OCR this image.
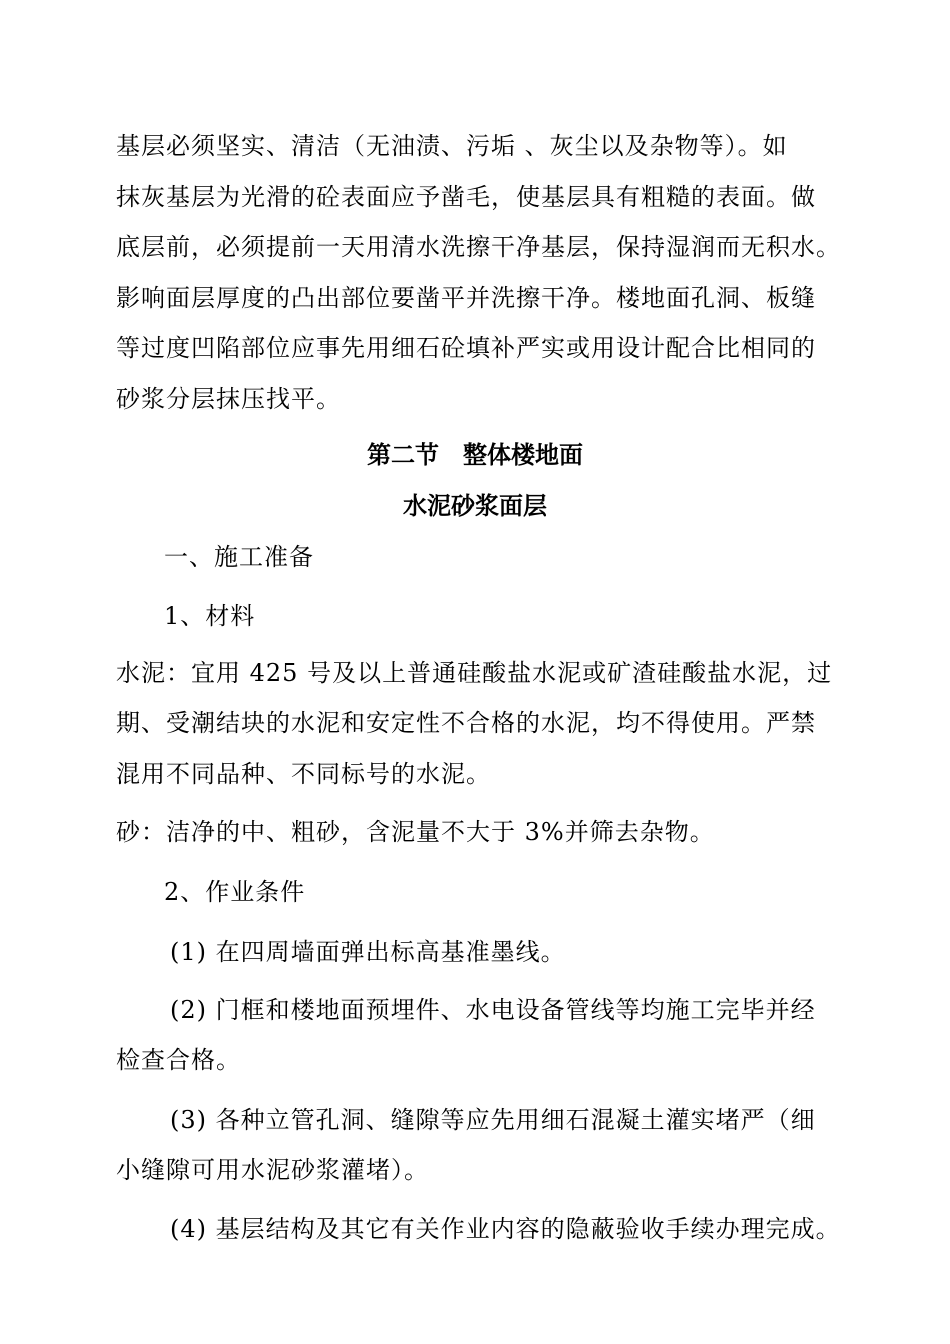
基层必须坚实、清洁（无油渍、污垢 、灰尘以及杂物等）。如
抹灰基层为光滑的砼表面应予凿毛，使基层具有粗糙的表面。做
底层前，必须提前一天用清水洗擦干净基层，保持湿润而无积水。
影响面层厚度的凸出部位要凿平并洗擦干净。楼地面孔洞、板缝
等过度凹陷部位应事先用细石砼填补严实或用设计配合比相同的
砂浆分层抹压找平。
第二节　整体楼地面
水泥砂浆面层
一、施工准备
1、材料
水泥：宜用 425 号及以上普通硅酸盐水泥或矿渣硅酸盐水泥，过
期、受潮结块的水泥和安定性不合格的水泥，均不得使用。严禁
混用不同品种、不同标号的水泥。
砂：洁净的中、粗砂，含泥量不大于 3%并筛去杂物。
2、作业条件
(1) 在四周墙面弹出标高基准墨线。
(2) 门框和楼地面预埋件、水电设备管线等均施工完毕并经
检查合格。
(3) 各种立管孔洞、缝隙等应先用细石混凝土灌实堵严（细
小缝隙可用水泥砂浆灌堵）。
(4) 基层结构及其它有关作业内容的隐蔽验收手续办理完成。
